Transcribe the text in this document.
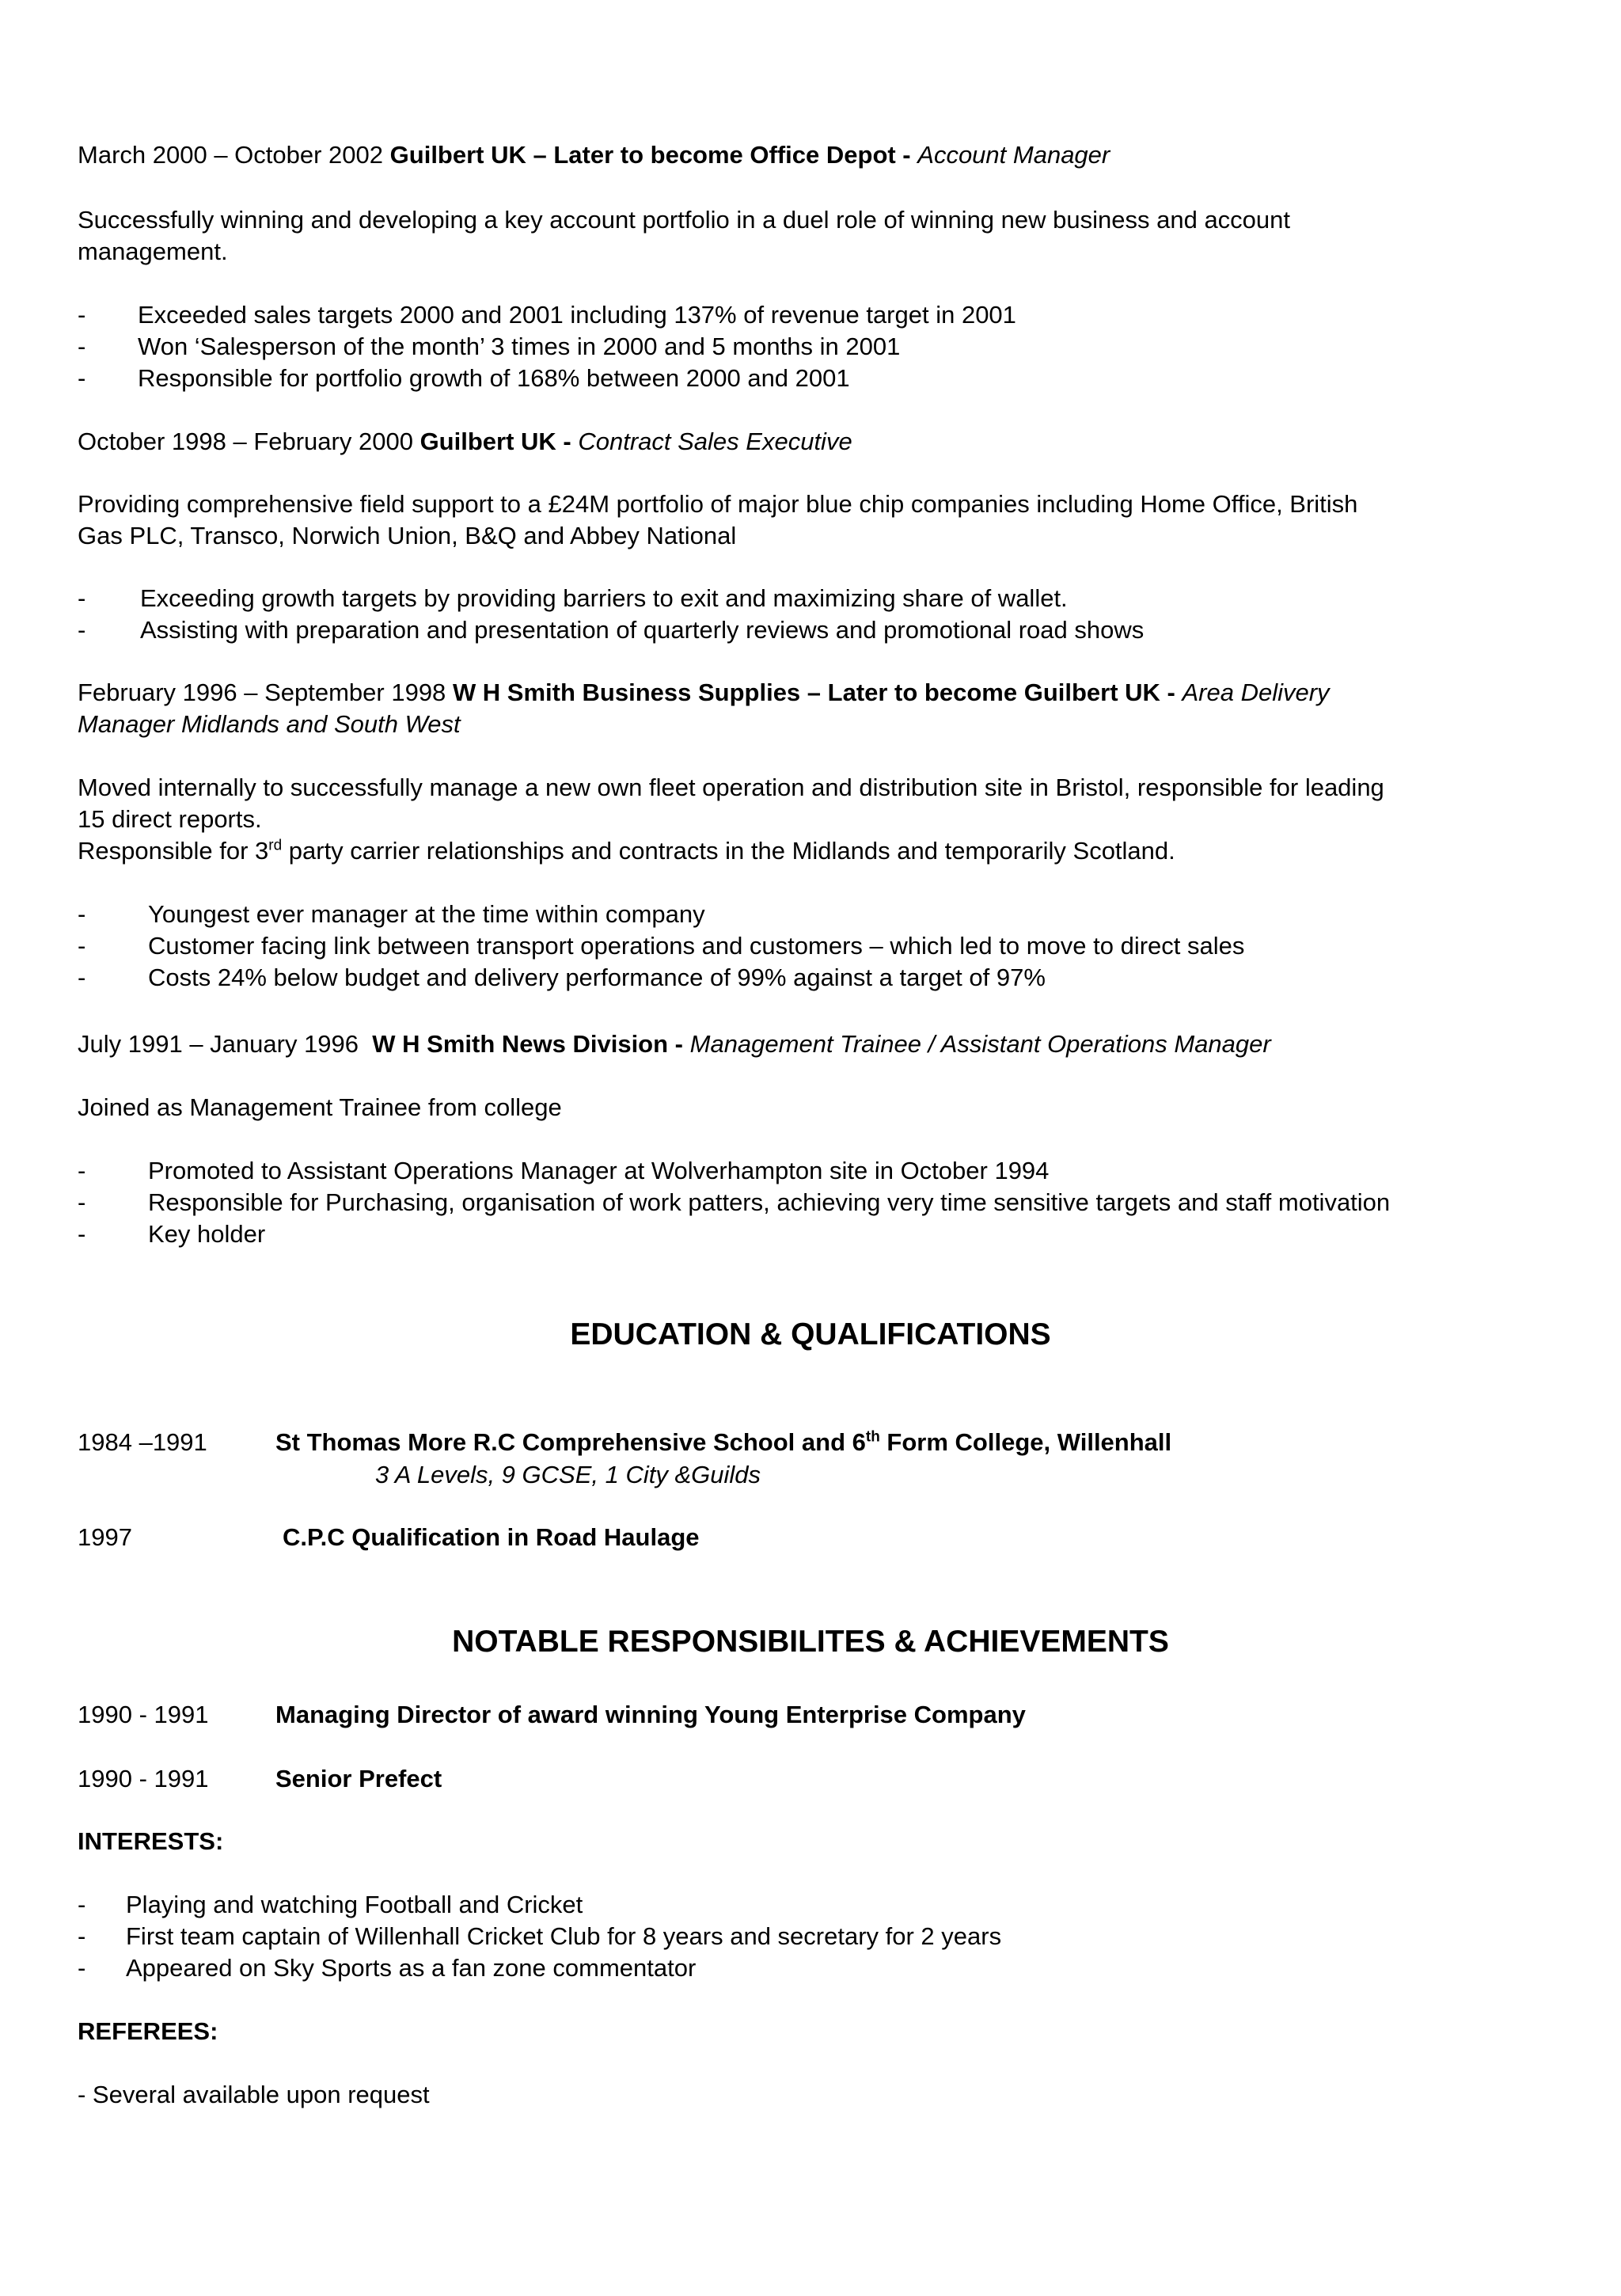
March 2000 – October 2002 Guilbert UK – Later to become Office Depot - Account Manager
Successfully winning and developing a key account portfolio in a duel role of winning new business and account
management.
- Exceeded sales targets 2000 and 2001 including 137% of revenue target in 2001
- Won ‘Salesperson of the month’ 3 times in 2000 and 5 months in 2001
- Responsible for portfolio growth of 168% between 2000 and 2001
October 1998 – February 2000 Guilbert UK - Contract Sales Executive
Providing comprehensive field support to a £24M portfolio of major blue chip companies including Home Office, British
Gas PLC, Transco, Norwich Union, B&Q and Abbey National
- Exceeding growth targets by providing barriers to exit and maximizing share of wallet.
- Assisting with preparation and presentation of quarterly reviews and promotional road shows
February 1996 – September 1998 W H Smith Business Supplies – Later to become Guilbert UK - Area Delivery
Manager Midlands and South West
Moved internally to successfully manage a new own fleet operation and distribution site in Bristol, responsible for leading
15 direct reports.
Responsible for 3rd party carrier relationships and contracts in the Midlands and temporarily Scotland.
-	Youngest ever manager at the time within company
-	Customer facing link between transport operations and customers – which led to move to direct sales
-	Costs 24% below budget and delivery performance of 99% against a target of 97%
July 1991 – January 1996 W H Smith News Division - Management Trainee / Assistant Operations Manager
Joined as Management Trainee from college
-	Promoted to Assistant Operations Manager at Wolverhampton site in October 1994
-	Responsible for Purchasing, organisation of work patters, achieving very time sensitive targets and staff motivation
-	Key holder
EDUCATION & QUALIFICATIONS
1984 –1991	St Thomas More R.C Comprehensive School and 6th Form College, Willenhall
3 A Levels, 9 GCSE, 1 City &Guilds
1997	C.P.C Qualification in Road Haulage
NOTABLE RESPONSIBILITES & ACHIEVEMENTS
1990 - 1991	Managing Director of award winning Young Enterprise Company
1990 - 1991	Senior Prefect
INTERESTS:
- Playing and watching Football and Cricket
- First team captain of Willenhall Cricket Club for 8 years and secretary for 2 years
- Appeared on Sky Sports as a fan zone commentator
REFEREES:
- Several available upon request
